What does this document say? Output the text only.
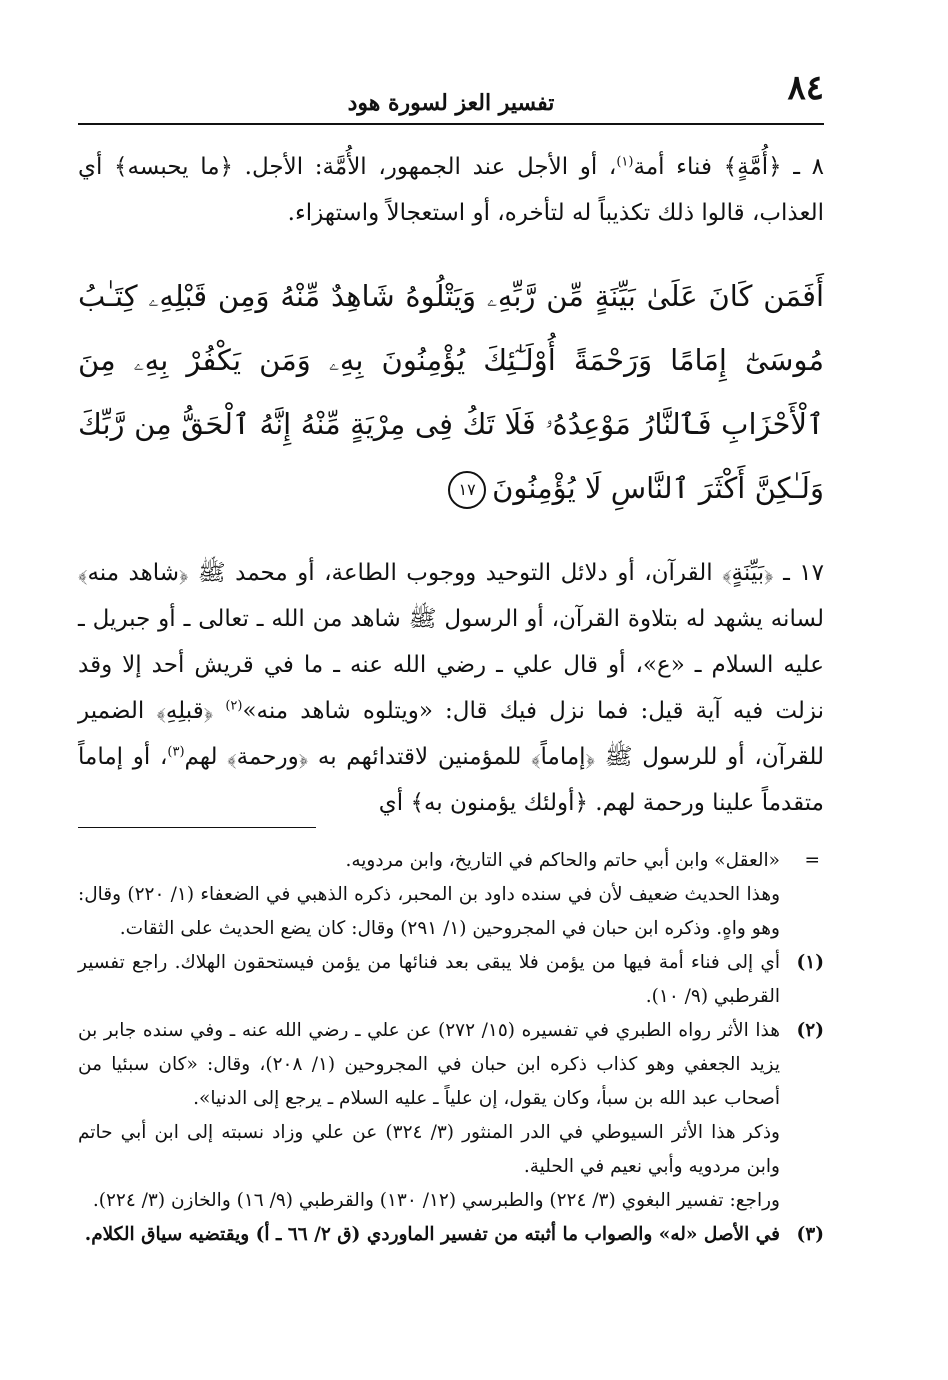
٨٤
تفسير العز لسورة هود

٨ ـ ﴿أُمَّةٍ﴾ فناء أمة$^{(١)}$، أو الأجل عند الجمهور، الأُمَّة: الأجل. ﴿ما يحبسه﴾ أي العذاب، قالوا ذلك تكذيباً له لتأخره، أو استعجالاً واستهزاء.

أَفَمَن كَانَ عَلَىٰ بَيِّنَةٍ مِّن رَّبِّهِۦ وَيَتْلُوهُ شَاهِدٌ مِّنْهُ وَمِن قَبْلِهِۦ كِتَـٰبُ مُوسَىٰٓ إِمَامًا وَرَحْمَةً أُوْلَـٰٓئِكَ يُؤْمِنُونَ بِهِۦ وَمَن يَكْفُرْ بِهِۦ مِنَ ٱلْأَحْزَابِ فَٱلنَّارُ مَوْعِدُهُۥ فَلَا تَكُ فِى مِرْيَةٍ مِّنْهُ إِنَّهُ ٱلْحَقُّ مِن رَّبِّكَ وَلَـٰكِنَّ أَكْثَرَ ٱلنَّاسِ لَا يُؤْمِنُونَ١٧

١٧ ـ ﴿بَيِّنَةٍ﴾ القرآن، أو دلائل التوحيد ووجوب الطاعة، أو محمد ﷺ ﴿شاهد منه﴾ لسانه يشهد له بتلاوة القرآن، أو الرسول ﷺ شاهد من الله ـ تعالى ـ أو جبريل ـ عليه السلام ـ «ع»، أو قال علي ـ رضي الله عنه ـ ما في قريش أحد إلا وقد نزلت فيه آية قيل: فما نزل فيك قال: «ويتلوه شاهد منه»$^{(٢)}$ ﴿قبلِهِ﴾ الضمير للقرآن، أو للرسول ﷺ ﴿إماماً﴾ للمؤمنين لاقتدائهم به ﴿ورحمة﴾ لهم$^{(٣)}$، أو إماماً متقدماً علينا ورحمة لهم. ﴿أولئك يؤمنون به﴾ أي

=

«العقل» وابن أبي حاتم والحاكم في التاريخ، وابن مردويه.

وهذا الحديث ضعيف لأن في سنده داود بن المحبر، ذكره الذهبي في الضعفاء (١/ ٢٢٠) وقال: وهو واهٍ. وذكره ابن حبان في المجروحين (١/ ٢٩١) وقال: كان يضع الحديث على الثقات.

(١)

أي إلى فناء أمة فيها من يؤمن فلا يبقى بعد فنائها من يؤمن فيستحقون الهلاك. راجع تفسير القرطبي (٩/ ١٠).

(٢)

هذا الأثر رواه الطبري في تفسيره (١٥/ ٢٧٢) عن علي ـ رضي الله عنه ـ وفي سنده جابر بن يزيد الجعفي وهو كذاب ذكره ابن حبان في المجروحين (١/ ٢٠٨)، وقال: «كان سبئيا من أصحاب عبد الله بن سبأ، وكان يقول، إن علياً ـ عليه السلام ـ يرجع إلى الدنيا».

وذكر هذا الأثر السيوطي في الدر المنثور (٣/ ٣٢٤) عن علي وزاد نسبته إلى ابن أبي حاتم وابن مردويه وأبي نعيم في الحلية.

وراجع: تفسير البغوي (٣/ ٢٢٤) والطبرسي (١٢/ ١٣٠) والقرطبي (٩/ ١٦) والخازن (٣/ ٢٢٤).

(٣)

في الأصل «له» والصواب ما أثبته من تفسير الماوردي (ق ٢/ ٦٦ ـ أ) ويقتضيه سياق الكلام.
